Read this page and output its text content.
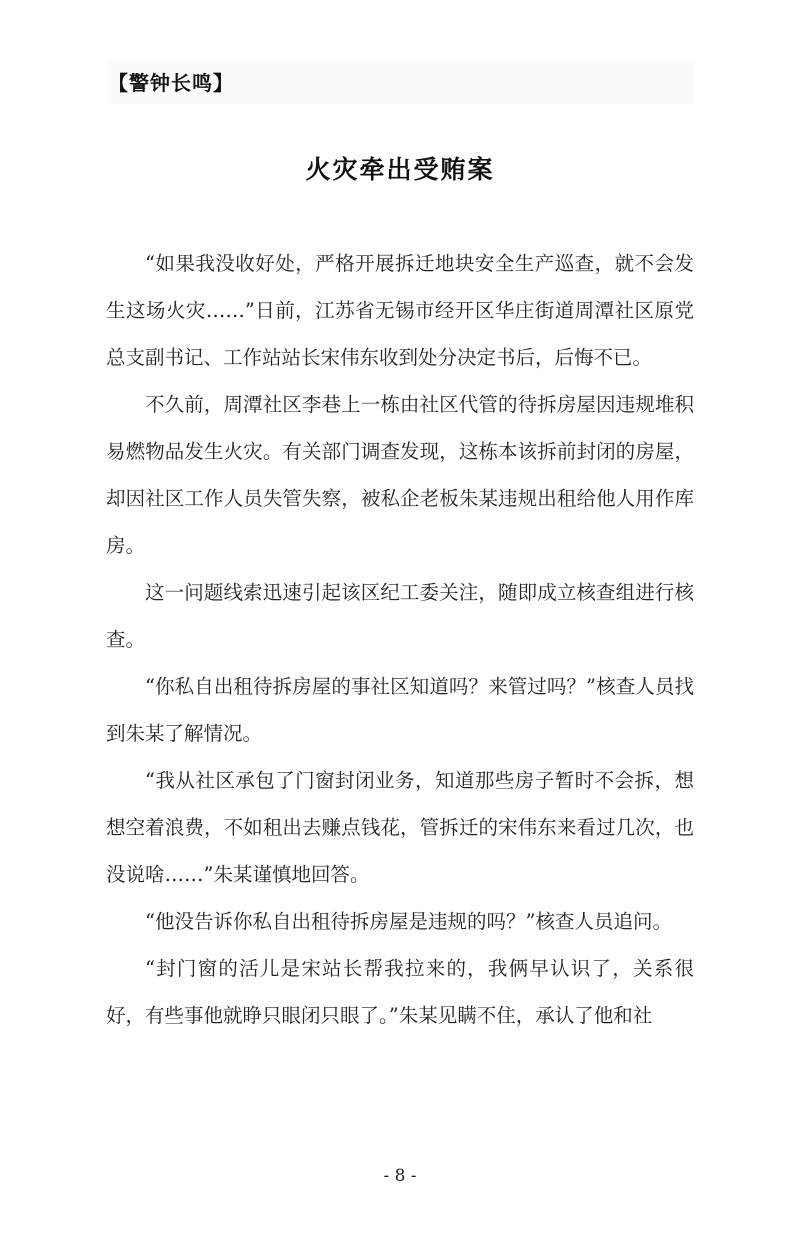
【警钟长鸣】
火灾牵出受贿案

“如果我没收好处，严格开展拆迁地块安全生产巡查，就不会发生这场火灾……”日前，江苏省无锡市经开区华庄街道周潭社区原党总支副书记、工作站站长宋伟东收到处分决定书后，后悔不已。

不久前，周潭社区李巷上一栋由社区代管的待拆房屋因违规堆积易燃物品发生火灾。有关部门调查发现，这栋本该拆前封闭的房屋，却因社区工作人员失管失察，被私企老板朱某违规出租给他人用作库房。

这一问题线索迅速引起该区纪工委关注，随即成立核查组进行核查。

“你私自出租待拆房屋的事社区知道吗？来管过吗？”核查人员找到朱某了解情况。

“我从社区承包了门窗封闭业务，知道那些房子暂时不会拆，想想空着浪费，不如租出去赚点钱花，管拆迁的宋伟东来看过几次，也没说啥……”朱某谨慎地回答。

“他没告诉你私自出租待拆房屋是违规的吗？”核查人员追问。

“封门窗的活儿是宋站长帮我拉来的，我俩早认识了，关系很好，有些事他就睁只眼闭只眼了。”朱某见瞒不住，承认了他和社

- 8 -
